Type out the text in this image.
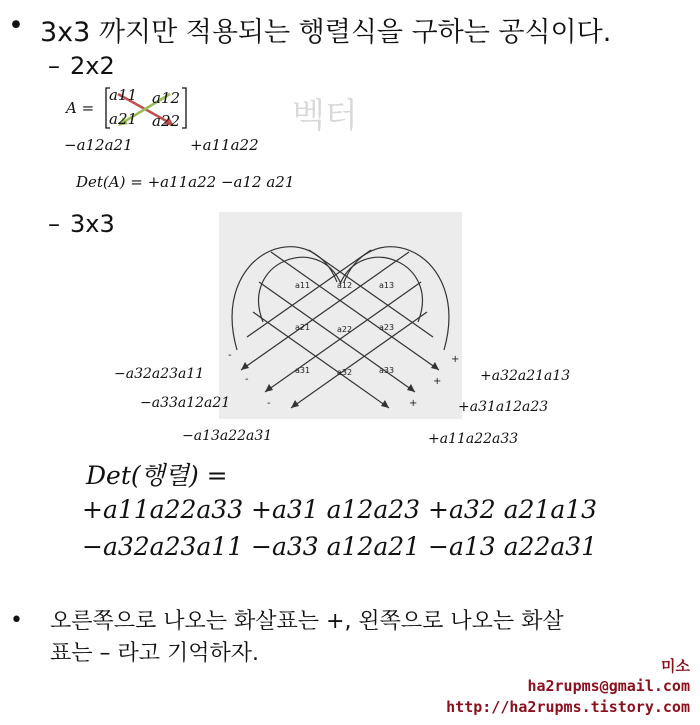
• 3x3 까지만 적용되는 행렬식을 구하는 공식이다.
– 2x2
A =
a11 a12
a21 a22
−a12a21	+a11a22
Det(A) = +a11a22 −a12 a21
벡터
– 3x3
a11	a12	a13
a21	a22	a23
a31	a32	a33
-
-
-
+
+
+
−a32a23a11
−a33a12a21
−a13a22a31
+a32a21a13
+a31a12a23
+a11a22a33
Det(행렬) =
+a11a22a33 +a31 a12a23 +a32 a21a13
−a32a23a11 −a33 a12a21 −a13 a22a31
• 오른쪽으로 나오는 화살표는 +, 왼쪽으로 나오는 화살
표는 – 라고 기억하자.	미소
ha2rupms@gmail.com
http://ha2rupms.tistory.com
